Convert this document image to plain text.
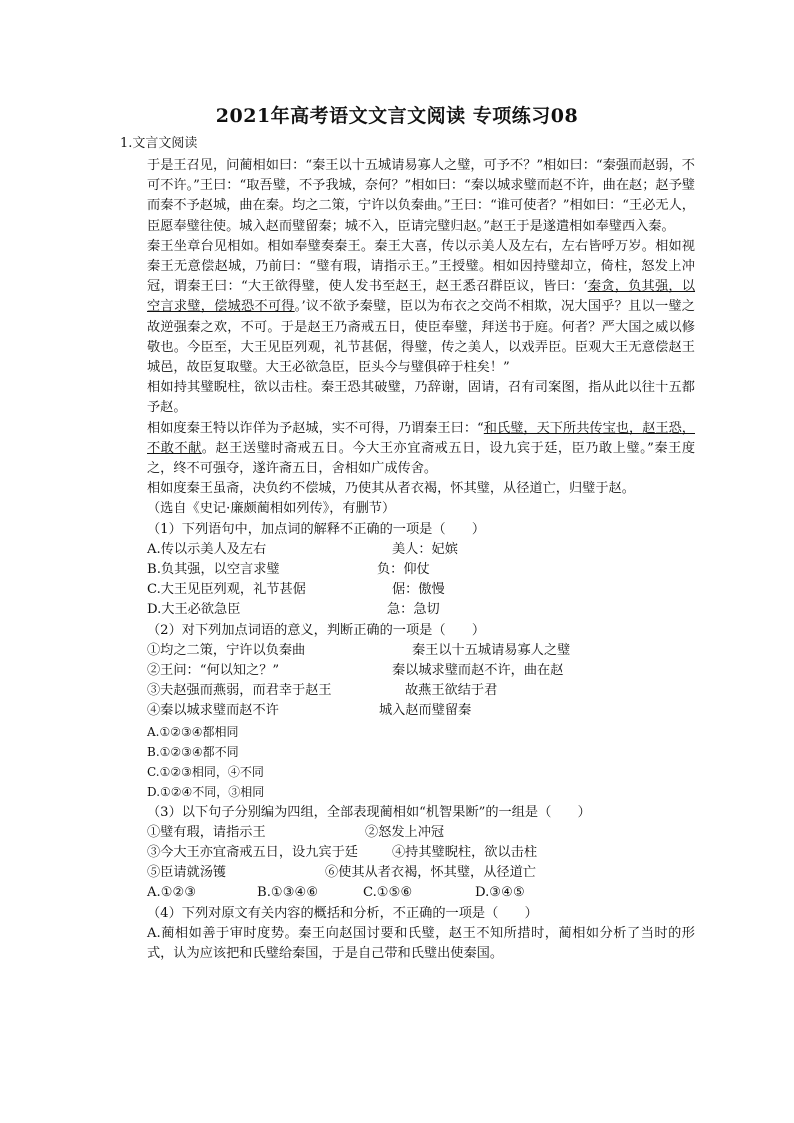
2021年高考语文文言文阅读 专项练习08
1.文言文阅读

于是王召见，问蔺相如曰：“秦王以十五城请易寡人之璧，可予不？”相如曰：“秦强而赵弱，不可不许。”王曰：“取吾璧，不予我城，奈何？”相如曰：“秦以城求璧而赵不许，曲在赵；赵予璧而秦不予赵城，曲在秦。均之二策，宁许以负秦曲。”王曰：“谁可使者？”相如曰：“王必无人，臣愿奉璧往使。城入赵而璧留秦；城不入，臣请完璧归赵。”赵王于是遂遣相如奉璧西入秦。

秦王坐章台见相如。相如奉璧奏秦王。秦王大喜，传以示美人及左右，左右皆呼万岁。相如视秦王无意偿赵城，乃前曰：“璧有瑕，请指示王。”王授璧。相如因持璧却立，倚柱，怒发上冲冠，谓秦王曰：“大王欲得璧，使人发书至赵王，赵王悉召群臣议，皆曰：‘秦贪，负其强，以空言求璧，偿城恐不可得。’议不欲予秦璧，臣以为布衣之交尚不相欺，况大国乎？且以一璧之故逆强秦之欢，不可。于是赵王乃斋戒五日，使臣奉璧，拜送书于庭。何者？严大国之威以修敬也。今臣至，大王见臣列观，礼节甚倨，得璧，传之美人，以戏弄臣。臣观大王无意偿赵王城邑，故臣复取璧。大王必欲急臣，臣头今与璧俱碎于柱矣！”

相如持其璧睨柱，欲以击柱。秦王恐其破璧，乃辞谢，固请，召有司案图，指从此以往十五都予赵。

相如度秦王特以诈佯为予赵城，实不可得，乃谓秦王曰：“和氏璧，天下所共传宝也，赵王恐，不敢不献。赵王送璧时斋戒五日。今大王亦宜斋戒五日，设九宾于廷，臣乃敢上璧。”秦王度之，终不可强夺，遂许斋五日，舍相如广成传舍。

相如度秦王虽斋，决负约不偿城，乃使其从者衣褐，怀其璧，从径道亡，归璧于赵。

（选自《史记·廉颇蔺相如列传》，有删节）

（1）下列语句中，加点词的解释不正确的一项是（　　）

A.传以示美人及左右	美人：妃嫔
B.负其强，以空言求璧	负：仰仗
C.大王见臣列观，礼节甚倨	倨：傲慢
D.大王必欲急臣	急：急切

（2）对下列加点词语的意义，判断正确的一项是（　　）

①均之二策，宁许以负秦曲	秦王以十五城请易寡人之璧
②王问：“何以知之？”	秦以城求璧而赵不许，曲在赵
③夫赵强而燕弱，而君幸于赵王	故燕王欲结于君
④秦以城求璧而赵不许	城入赵而璧留秦
A.①②③④都相同
B.①②③④都不同
C.①②③相同，④不同
D.①②④不同，③相同

（3）以下句子分别编为四组，全部表现蔺相如“机智果断”的一组是（　　）

①璧有瑕，请指示王	②怒发上冲冠
③今大王亦宜斋戒五日，设九宾于廷	④持其璧睨柱，欲以击柱
⑤臣请就汤镬	⑥使其从者衣褐，怀其璧，从径道亡
A.①②③	B.①③④⑥	C.①⑤⑥	D.③④⑤

（4）下列对原文有关内容的概括和分析，不正确的一项是（　　）

A.蔺相如善于审时度势。秦王向赵国讨要和氏璧，赵王不知所措时，蔺相如分析了当时的形式，认为应该把和氏璧给秦国，于是自己带和氏璧出使秦国。
